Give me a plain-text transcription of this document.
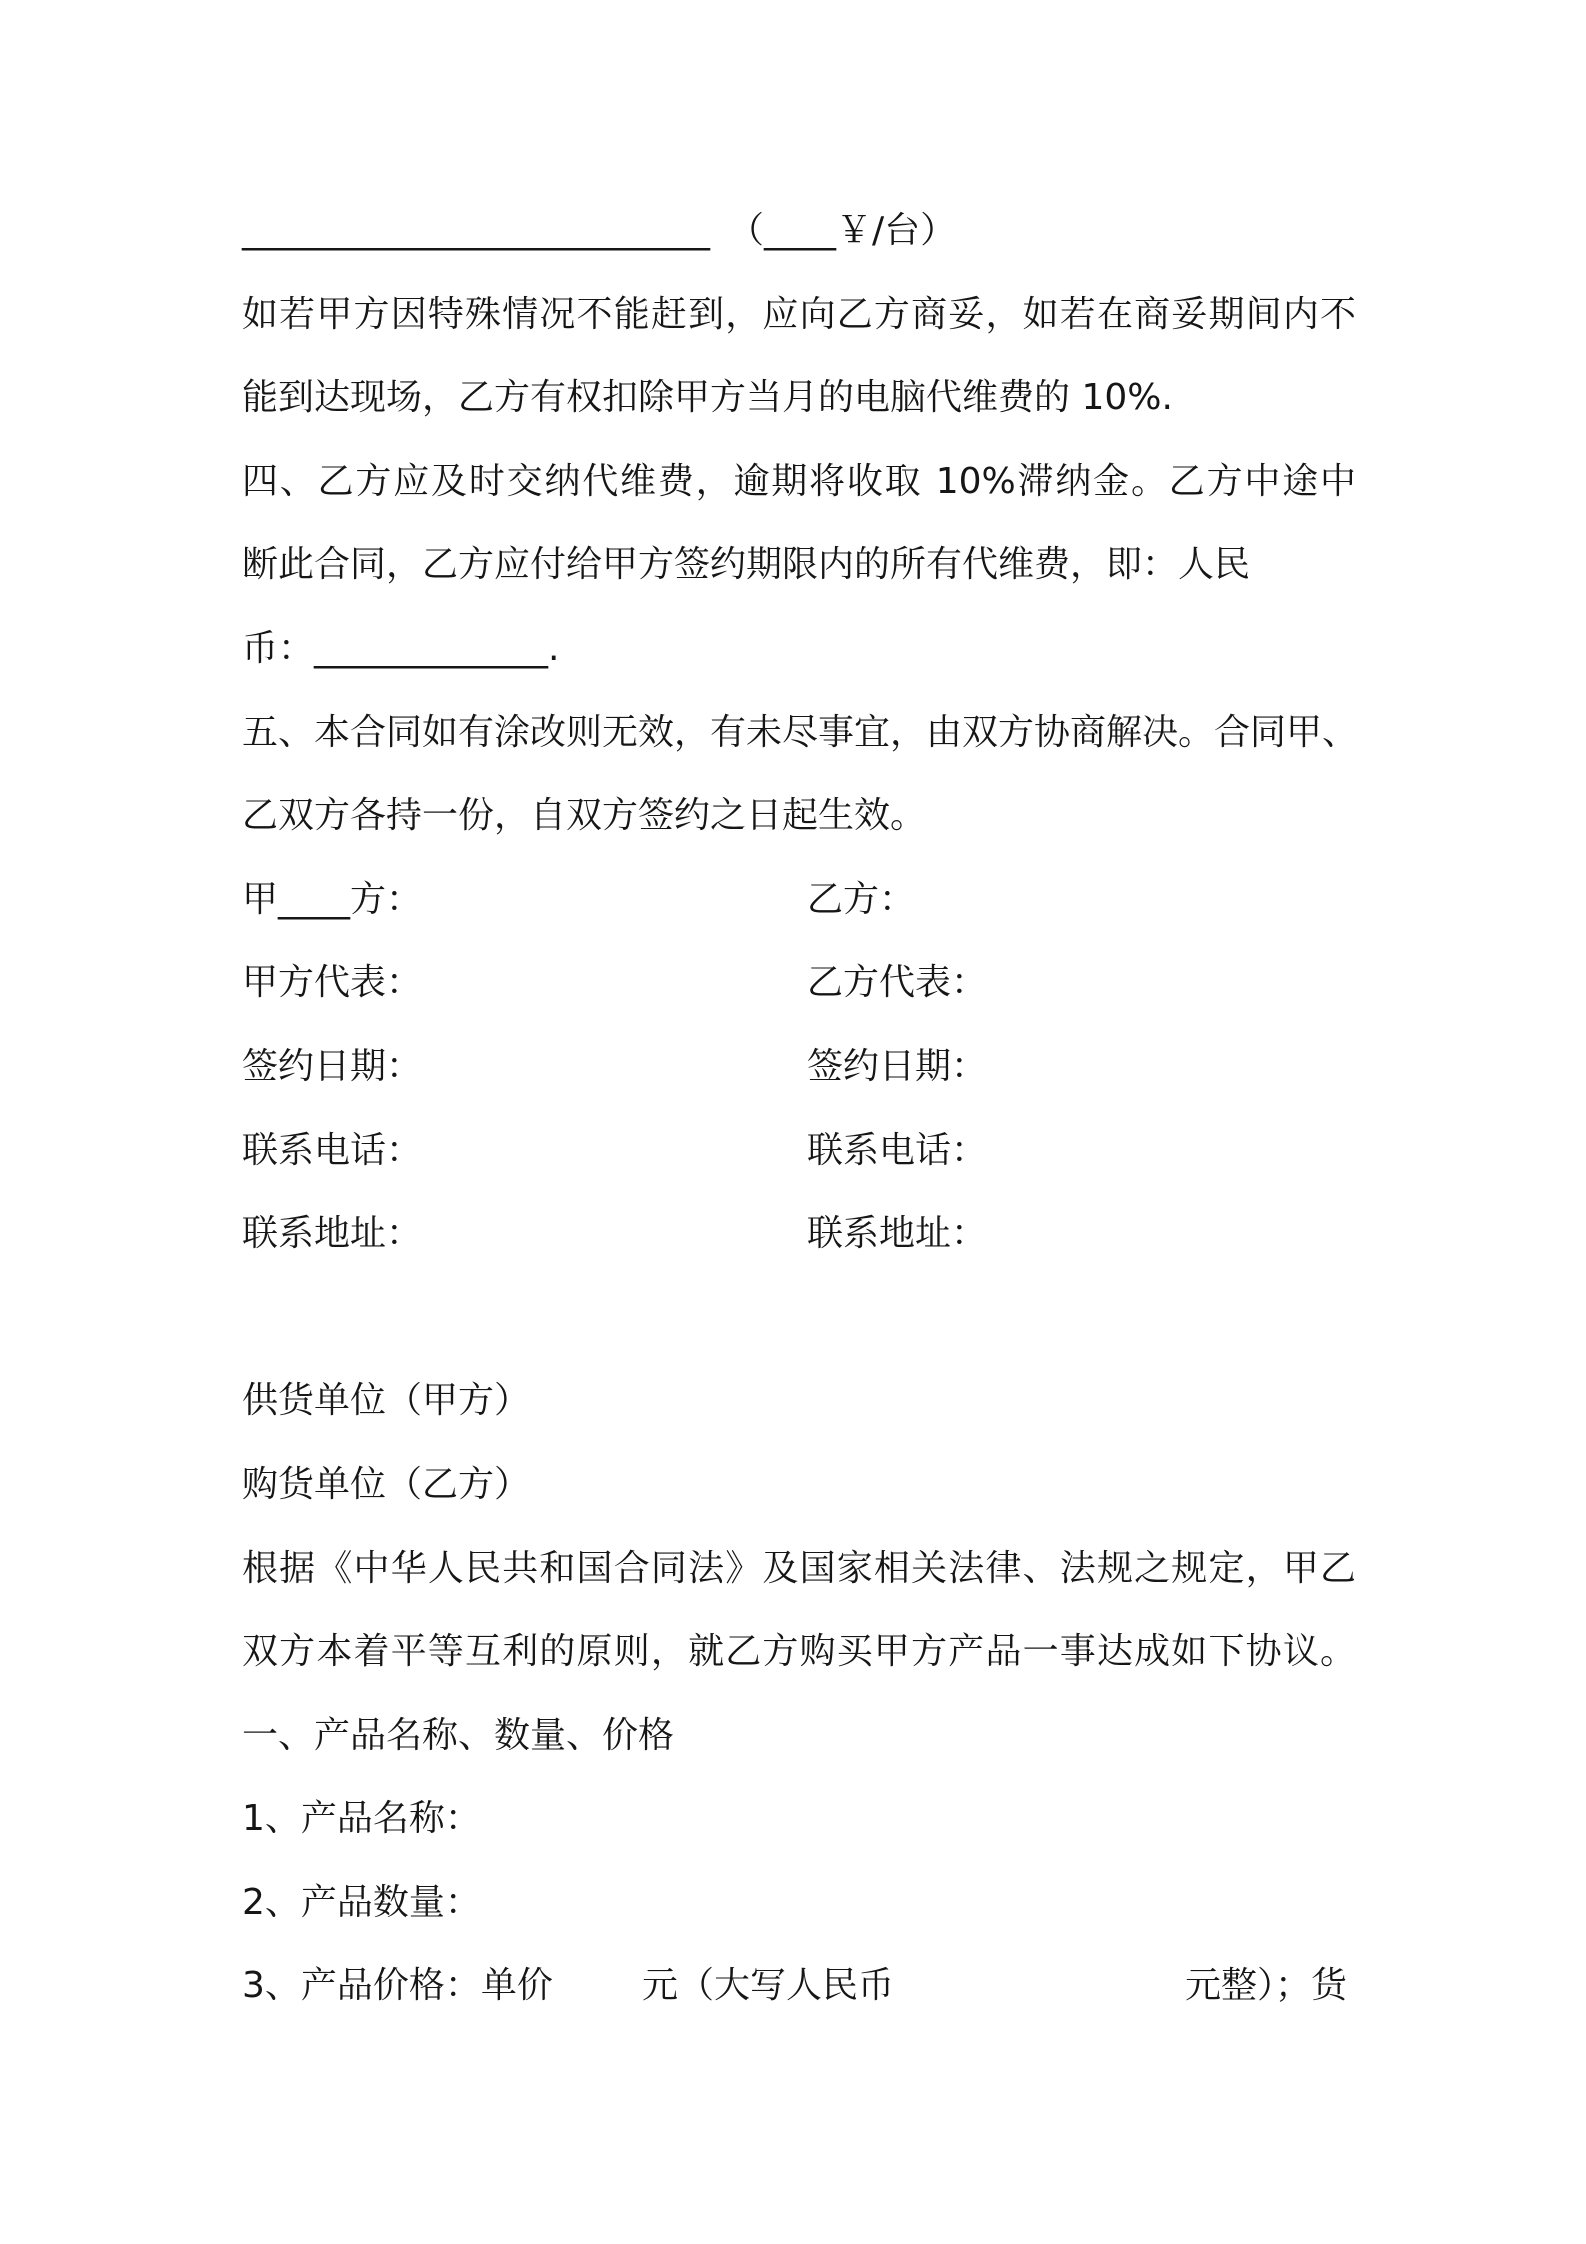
__________________________ （____￥/台）
如若甲方因特殊情况不能赶到，应向乙方商妥，如若在商妥期间内不
能到达现场，乙方有权扣除甲方当月的电脑代维费的 10%.
四、乙方应及时交纳代维费，逾期将收取 10%滞纳金。乙方中途中
断此合同，乙方应付给甲方签约期限内的所有代维费，即：人民
币：_____________.
五、本合同如有涂改则无效，有未尽事宜，由双方协商解决。合同甲、
乙双方各持一份，自双方签约之日起生效。
甲____方：	乙方：
甲方代表：	乙方代表：
签约日期：	签约日期：
联系电话：	联系电话：
联系地址：	联系地址：
供货单位（甲方）
购货单位（乙方）
根据《中华人民共和国合同法》及国家相关法律、法规之规定，甲乙
双方本着平等互利的原则，就乙方购买甲方产品一事达成如下协议。
一、产品名称、数量、价格
1、产品名称：
2、产品数量：

3、产品价格：单价

元（大写人民币

	元整）；货
